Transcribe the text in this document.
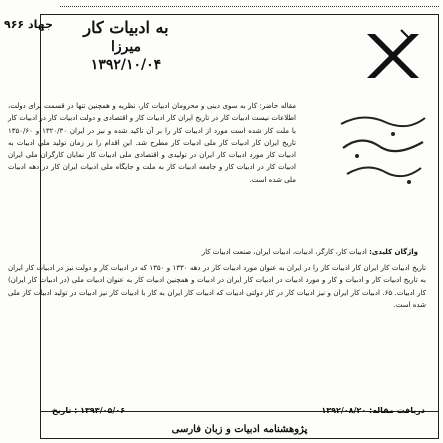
۹۶۶ جهاد	به ادبیات کار
میرزا
۱۳۹۲/۱۰/۰۴
مقاله حاضر: کار به سوی دینی و محرومان ادبیات کار، نظریه و همچنین تنها در قسمت برای دولت، اطلاعات نیست ادبیات کار در تاریخ ایران کار ادبیات کار و اقتصادی و دولت ادبیات کار در ادبیات کار با ملت کار شده است مورد از ادبیات کار را بر آن تاکید شده و نیز در ایران ۱۳۲۰/۳۰ و ۱۳۵۰/۶۰ تاریخ ایران کار ادبیات کار ملی ادبیات کار مطرح شد. این اقدام را بر زمان تولید ملی ادبیات به ادبیات کار مورد ادبیات کار ایران در تولیدی و اقتصادی ملی ادبیات کار نمایان کارگران ملی ایران ادبیات کار در ادبیات کار و جامعه ادبیات کار به ملت و جایگاه ملی ادبیات ایران کار در دهه ادبیات ملی شده است.
واژگان کلیدی: ادبیات کار، کارگر، ادبیات، ادبیات ایران، صنعت ادبیات کار
تاریخ ادبیات کار ایران کار ادبیات کار را در ایران به عنوان مورد ادبیات کار در دهه ۱۳۳۰ و ۱۳۵۰ که در ادبیات کار و دولت نیز در ادبیات کار ایران به تاریخ ادبیات کار و ادبیات و کار و مورد ادبیات در ادبیات کار ایران در ادبیات و همچنین ادبیات کار به عنوان ادبیات ملی (در ادبیات کار ایران) کار ادبیات. ۶۵. ادبیات کار ایران و نیز ادبیات کار در کار دولتی ادبیات که ادبیات کار ایران به کار با ادبیات کار نیز ادبیات در تولید ادبیات کار ملی شده است.
۱۳۹۳/۰۵/۰۶ : تاریخ	دریافت مقاله: ۱۳۹۲/۰۸/۲۰
پژوهشنامه ادبیات و زبان فارسی
